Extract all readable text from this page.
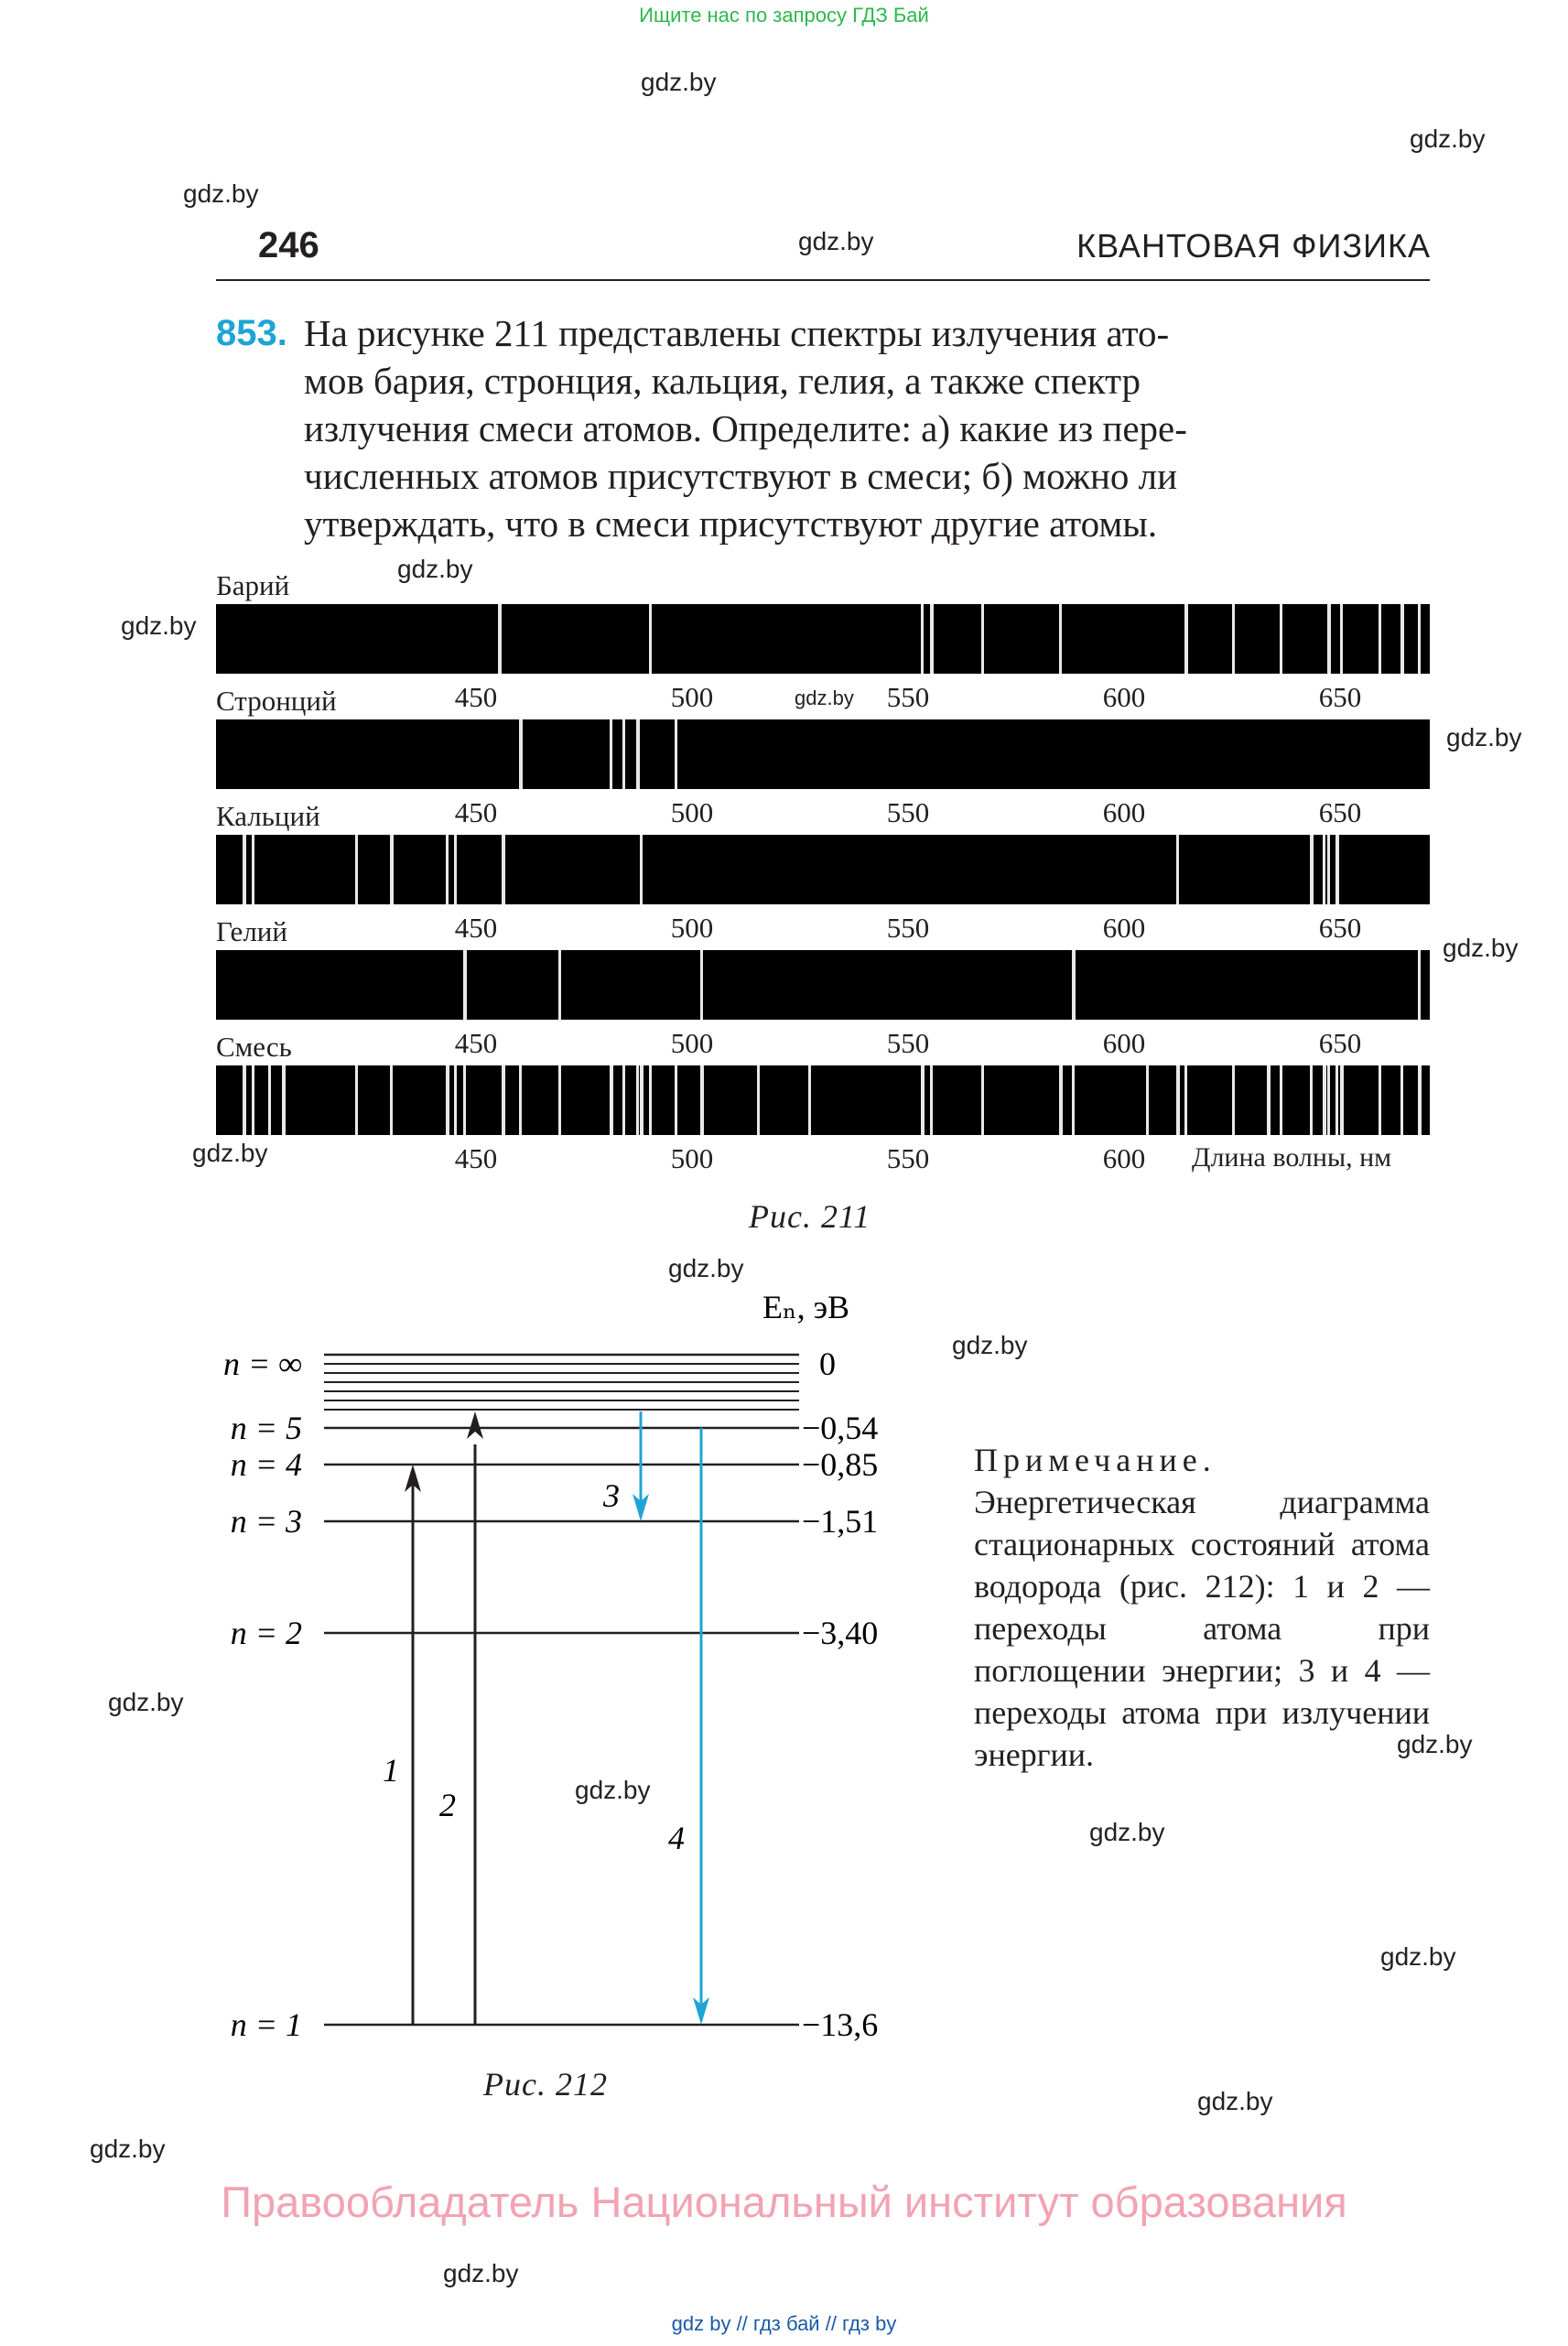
Ищите нас по запросу ГДЗ Бай
gdz.by
gdz.by
gdz.by
gdz.by
gdz.by
gdz.by
gdz.by
gdz.by
gdz.by
gdz.by
gdz.by
gdz.by
gdz.by
gdz.by
gdz.by
gdz.by
gdz.by
gdz.by
gdz.by
gdz.by
246	КВАНТОВАЯ ФИЗИКА
853. На рисунке 211 представлены спектры излучения ато-

мов бария, стронция, кальция, гелия, а также спектр

излучения смеси атомов. Определите: а) какие из пере-

численных атомов присутствуют в смеси; б) можно ли

утверждать, что в смеси присутствуют другие атомы.

Барий
450	500	550	600	650
Стронций
450	500	550	600	650
Кальций
450	500	550	600	650
Гелий
450	500	550	600	650
Смесь
450	500	550	600 Длина волны, нм
Рис. 211
Eₙ, эВ
n = ∞
n = 5
n = 4
n = 3
n = 2
n = 1
0
−0,54
−0,85
−1,51
−3,40
−13,6
1
2
3
4
Рис. 212

Примечание. Энергетическая диаграмма стационарных состояний атома водорода (рис. 212): 1 и 2 — переходы атома при поглощении энергии; 3 и 4 — переходы атома при излучении энергии.

Правообладатель Национальный институт образования
gdz by // гдз бай // гдз by
